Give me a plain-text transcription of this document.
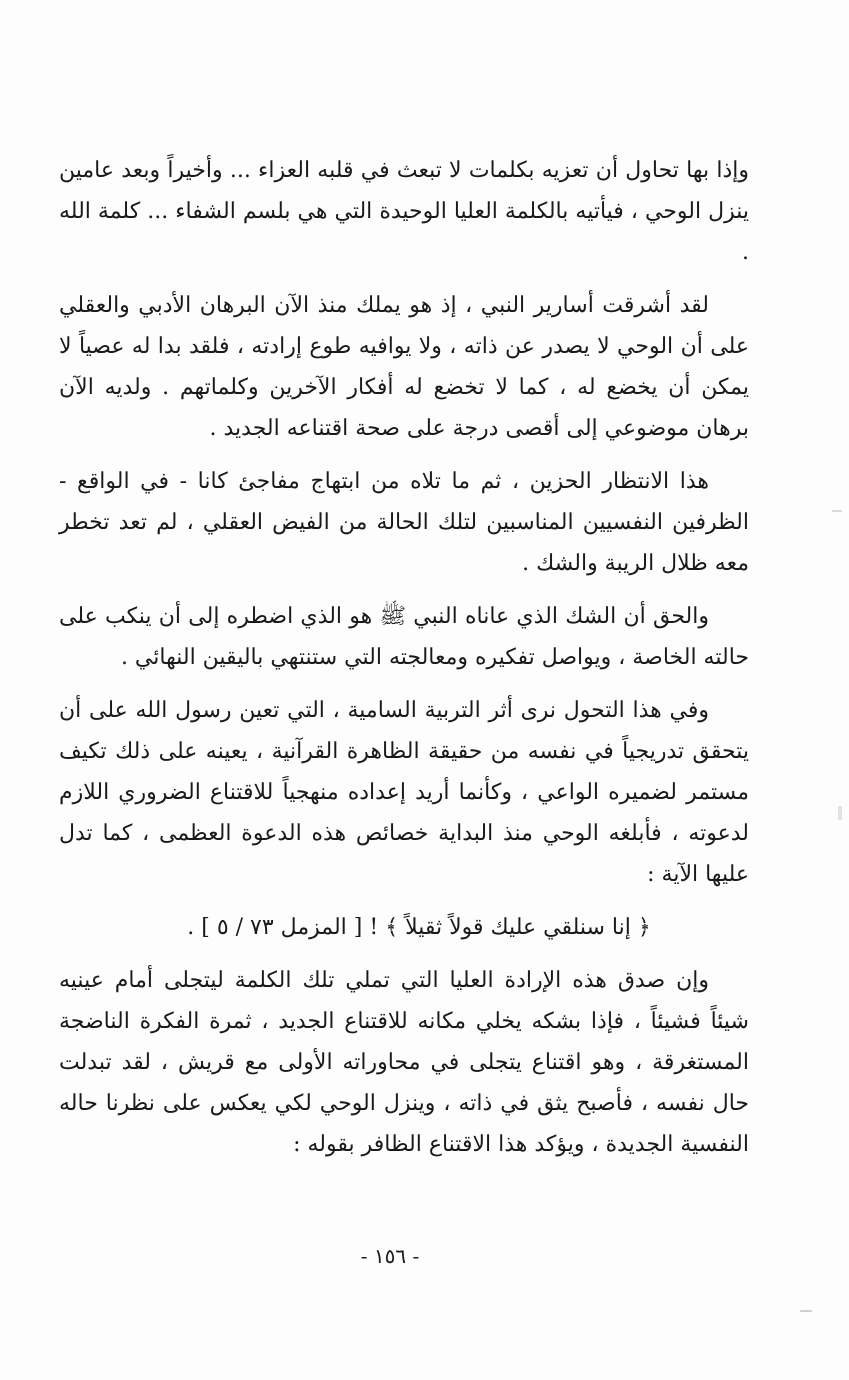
وإذا بها تحاول أن تعزيه بكلمات لا تبعث في قلبه العزاء ... وأخيراً وبعد عامين ينزل الوحي ، فيأتيه بالكلمة العليا الوحيدة التي هي بلسم الشفاء ... كلمة الله .

لقد أشرقت أسارير النبي ، إذ هو يملك منذ الآن البرهان الأدبي والعقلي على أن الوحي لا يصدر عن ذاته ، ولا يوافيه طوع إرادته ، فلقد بدا له عصياً لا يمكن أن يخضع له ، كما لا تخضع له أفكار الآخرين وكلماتهم . ولديه الآن برهان موضوعي إلى أقصى درجة على صحة اقتناعه الجديد .

هذا الانتظار الحزين ، ثم ما تلاه من ابتهاج مفاجئ كانا - في الواقع - الظرفين النفسيين المناسبين لتلك الحالة من الفيض العقلي ، لم تعد تخطر معه ظلال الريبة والشك .

والحق أن الشك الذي عاناه النبي ﷺ هو الذي اضطره إلى أن ينكب على حالته الخاصة ، ويواصل تفكيره ومعالجته التي ستنتهي باليقين النهائي .

وفي هذا التحول نرى أثر التربية السامية ، التي تعين رسول الله على أن يتحقق تدريجياً في نفسه من حقيقة الظاهرة القرآنية ، يعينه على ذلك تكيف مستمر لضميره الواعي ، وكأنما أريد إعداده منهجياً للاقتناع الضروري اللازم لدعوته ، فأبلغه الوحي منذ البداية خصائص هذه الدعوة العظمى ، كما تدل عليها الآية :

﴿ إنا سنلقي عليك قولاً ثقيلاً ﴾ ! [ المزمل ٧٣ / ٥ ] .

وإن صدق هذه الإرادة العليا التي تملي تلك الكلمة ليتجلى أمام عينيه شيئاً فشيئاً ، فإذا بشكه يخلي مكانه للاقتناع الجديد ، ثمرة الفكرة الناضجة المستغرقة ، وهو اقتناع يتجلى في محاوراته الأولى مع قريش ، لقد تبدلت حال نفسه ، فأصبح يثق في ذاته ، وينزل الوحي لكي يعكس على نظرنا حاله النفسية الجديدة ، ويؤكد هذا الاقتناع الظافر بقوله :

- ١٥٦ -
